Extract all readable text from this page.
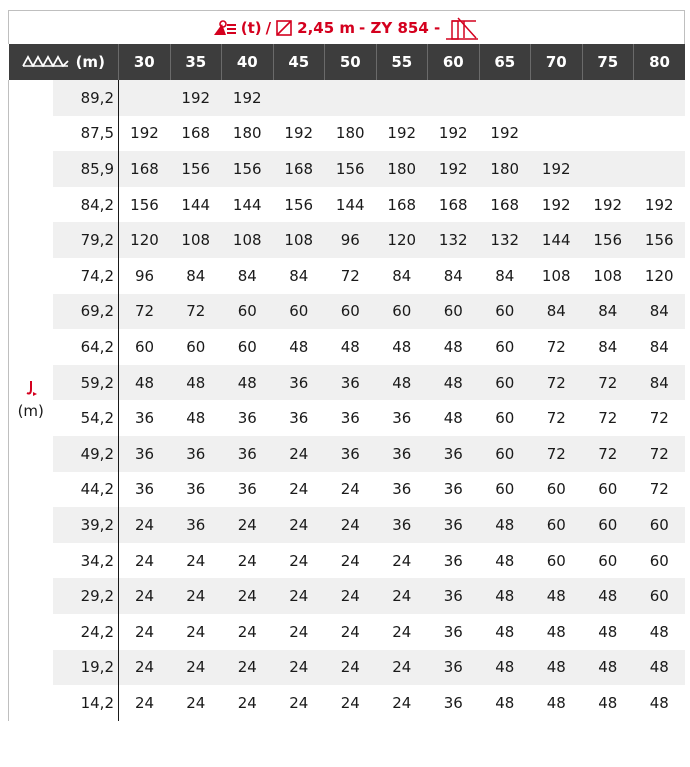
(t) / 2,45 m - ZY 854 -
(m)		30	35	40	45	50	55	60	65	70	75	80

(m)	89,2		192	192								
	87,5	192	168	180	192	180	192	192	192			
	85,9	168	156	156	168	156	180	192	180	192		
	84,2	156	144	144	156	144	168	168	168	192	192	192
	79,2	120	108	108	108	96	120	132	132	144	156	156
	74,2	96	84	84	84	72	84	84	84	108	108	120
	69,2	72	72	60	60	60	60	60	60	84	84	84
	64,2	60	60	60	48	48	48	48	60	72	84	84
	59,2	48	48	48	36	36	48	48	60	72	72	84
	54,2	36	48	36	36	36	36	48	60	72	72	72
	49,2	36	36	36	24	36	36	36	60	72	72	72
	44,2	36	36	36	24	24	36	36	60	60	60	72
	39,2	24	36	24	24	24	36	36	48	60	60	60
	34,2	24	24	24	24	24	24	36	48	60	60	60
	29,2	24	24	24	24	24	24	36	48	48	48	60
	24,2	24	24	24	24	24	24	36	48	48	48	48
	19,2	24	24	24	24	24	24	36	48	48	48	48
	14,2	24	24	24	24	24	24	36	48	48	48	48
